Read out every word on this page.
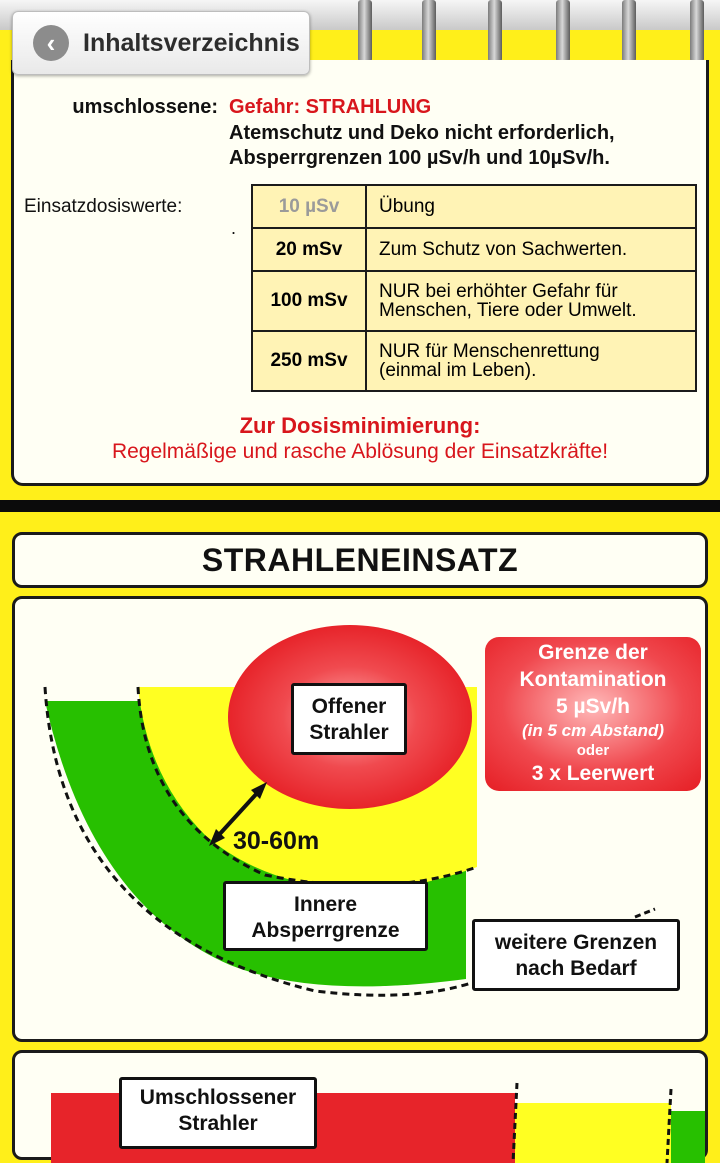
‹	Inhaltsverzeichnis
umschlossene: Gefahr: STRAHLUNG
Atemschutz und Deko nicht erforderlich,
Absperrgrenzen 100 µSv/h und 10µSv/h.
Einsatzdosiswerte:
.
10 µSv	Übung
20 mSv	Zum Schutz von Sachwerten.
100 mSv	NUR bei erhöhter Gefahr für
Menschen, Tiere oder Umwelt.

250 mSv	NUR für Menschenrettung
(einmal im Leben).
Zur Dosisminimierung:
Regelmäßige und rasche Ablösung der Einsatzkräfte!
STRAHLENEINSATZ
Offener
Strahler
30-60m
Innere
Absperrgrenze
weitere Grenzen
nach Bedarf
Grenze der
Kontamination
5 µSv/h
(in 5 cm Abstand)
oder
3 x Leerwert
Umschlossener
Strahler
